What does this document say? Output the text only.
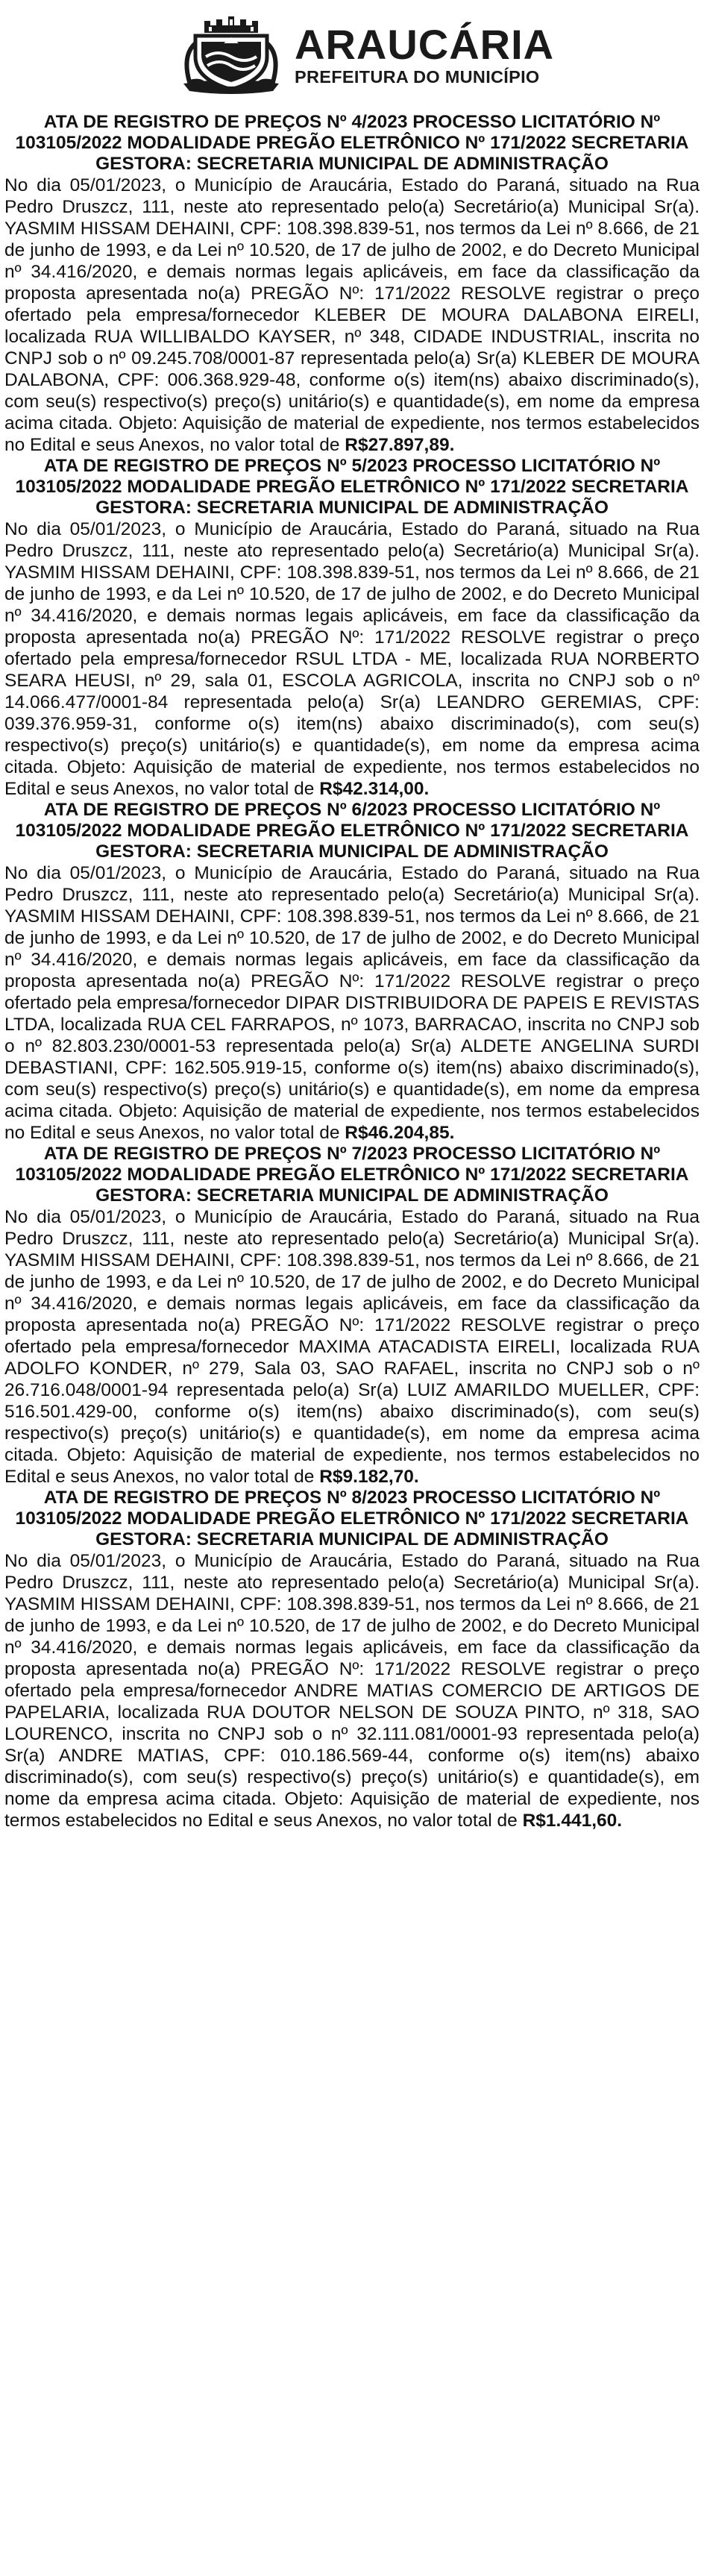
ARAUCÁRIA
PREFEITURA DO MUNICÍPIO
ATA DE REGISTRO DE PREÇOS Nº 4/2023 PROCESSO LICITATÓRIO Nº 103105/2022 MODALIDADE PREGÃO ELETRÔNICO Nº 171/2022 SECRETARIA GESTORA: SECRETARIA MUNICIPAL DE ADMINISTRAÇÃO

No dia 05/01/2023, o Município de Araucária, Estado do Paraná, situado na Rua Pedro Druszcz, 111, neste ato representado pelo(a) Secretário(a) Municipal Sr(a). YASMIM HISSAM DEHAINI, CPF: 108.398.839-51, nos termos da Lei nº 8.666, de 21 de junho de 1993, e da Lei nº 10.520, de 17 de julho de 2002, e do Decreto Municipal nº 34.416/2020, e demais normas legais aplicáveis, em face da classificação da proposta apresentada no(a) PREGÃO Nº: 171/2022 RESOLVE registrar o preço ofertado pela empresa/fornecedor KLEBER DE MOURA DALABONA EIRELI, localizada RUA WILLIBALDO KAYSER, nº 348, CIDADE INDUSTRIAL, inscrita no CNPJ sob o nº 09.245.708/0001-87 representada pelo(a) Sr(a) KLEBER DE MOURA DALABONA, CPF: 006.368.929-48, conforme o(s) item(ns) abaixo discriminado(s), com seu(s) respectivo(s) preço(s) unitário(s) e quantidade(s), em nome da empresa acima citada. Objeto: Aquisição de material de expediente, nos termos estabelecidos no Edital e seus Anexos, no valor total de R$27.897,89.

ATA DE REGISTRO DE PREÇOS Nº 5/2023 PROCESSO LICITATÓRIO Nº 103105/2022 MODALIDADE PREGÃO ELETRÔNICO Nº 171/2022 SECRETARIA GESTORA: SECRETARIA MUNICIPAL DE ADMINISTRAÇÃO

No dia 05/01/2023, o Município de Araucária, Estado do Paraná, situado na Rua Pedro Druszcz, 111, neste ato representado pelo(a) Secretário(a) Municipal Sr(a). YASMIM HISSAM DEHAINI, CPF: 108.398.839-51, nos termos da Lei nº 8.666, de 21 de junho de 1993, e da Lei nº 10.520, de 17 de julho de 2002, e do Decreto Municipal nº 34.416/2020, e demais normas legais aplicáveis, em face da classificação da proposta apresentada no(a) PREGÃO Nº: 171/2022 RESOLVE registrar o preço ofertado pela empresa/fornecedor RSUL LTDA - ME, localizada RUA NORBERTO SEARA HEUSI, nº 29, sala 01, ESCOLA AGRICOLA, inscrita no CNPJ sob o nº 14.066.477/0001-84 representada pelo(a) Sr(a) LEANDRO GEREMIAS, CPF: 039.376.959-31, conforme o(s) item(ns) abaixo discriminado(s), com seu(s) respectivo(s) preço(s) unitário(s) e quantidade(s), em nome da empresa acima citada. Objeto: Aquisição de material de expediente, nos termos estabelecidos no Edital e seus Anexos, no valor total de R$42.314,00.

ATA DE REGISTRO DE PREÇOS Nº 6/2023 PROCESSO LICITATÓRIO Nº 103105/2022 MODALIDADE PREGÃO ELETRÔNICO Nº 171/2022 SECRETARIA GESTORA: SECRETARIA MUNICIPAL DE ADMINISTRAÇÃO

No dia 05/01/2023, o Município de Araucária, Estado do Paraná, situado na Rua Pedro Druszcz, 111, neste ato representado pelo(a) Secretário(a) Municipal Sr(a). YASMIM HISSAM DEHAINI, CPF: 108.398.839-51, nos termos da Lei nº 8.666, de 21 de junho de 1993, e da Lei nº 10.520, de 17 de julho de 2002, e do Decreto Municipal nº 34.416/2020, e demais normas legais aplicáveis, em face da classificação da proposta apresentada no(a) PREGÃO Nº: 171/2022 RESOLVE registrar o preço ofertado pela empresa/fornecedor DIPAR DISTRIBUIDORA DE PAPEIS E REVISTAS LTDA, localizada RUA CEL FARRAPOS, nº 1073, BARRACAO, inscrita no CNPJ sob o nº 82.803.230/0001-53 representada pelo(a) Sr(a) ALDETE ANGELINA SURDI DEBASTIANI, CPF: 162.505.919-15, conforme o(s) item(ns) abaixo discriminado(s), com seu(s) respectivo(s) preço(s) unitário(s) e quantidade(s), em nome da empresa acima citada. Objeto: Aquisição de material de expediente, nos termos estabelecidos no Edital e seus Anexos, no valor total de R$46.204,85.

ATA DE REGISTRO DE PREÇOS Nº 7/2023 PROCESSO LICITATÓRIO Nº 103105/2022 MODALIDADE PREGÃO ELETRÔNICO Nº 171/2022 SECRETARIA GESTORA: SECRETARIA MUNICIPAL DE ADMINISTRAÇÃO

No dia 05/01/2023, o Município de Araucária, Estado do Paraná, situado na Rua Pedro Druszcz, 111, neste ato representado pelo(a) Secretário(a) Municipal Sr(a). YASMIM HISSAM DEHAINI, CPF: 108.398.839-51, nos termos da Lei nº 8.666, de 21 de junho de 1993, e da Lei nº 10.520, de 17 de julho de 2002, e do Decreto Municipal nº 34.416/2020, e demais normas legais aplicáveis, em face da classificação da proposta apresentada no(a) PREGÃO Nº: 171/2022 RESOLVE registrar o preço ofertado pela empresa/fornecedor MAXIMA ATACADISTA EIRELI, localizada RUA ADOLFO KONDER, nº 279, Sala 03, SAO RAFAEL, inscrita no CNPJ sob o nº 26.716.048/0001-94 representada pelo(a) Sr(a) LUIZ AMARILDO MUELLER, CPF: 516.501.429-00, conforme o(s) item(ns) abaixo discriminado(s), com seu(s) respectivo(s) preço(s) unitário(s) e quantidade(s), em nome da empresa acima citada. Objeto: Aquisição de material de expediente, nos termos estabelecidos no Edital e seus Anexos, no valor total de R$9.182,70.

ATA DE REGISTRO DE PREÇOS Nº 8/2023 PROCESSO LICITATÓRIO Nº 103105/2022 MODALIDADE PREGÃO ELETRÔNICO Nº 171/2022 SECRETARIA GESTORA: SECRETARIA MUNICIPAL DE ADMINISTRAÇÃO

No dia 05/01/2023, o Município de Araucária, Estado do Paraná, situado na Rua Pedro Druszcz, 111, neste ato representado pelo(a) Secretário(a) Municipal Sr(a). YASMIM HISSAM DEHAINI, CPF: 108.398.839-51, nos termos da Lei nº 8.666, de 21 de junho de 1993, e da Lei nº 10.520, de 17 de julho de 2002, e do Decreto Municipal nº 34.416/2020, e demais normas legais aplicáveis, em face da classificação da proposta apresentada no(a) PREGÃO Nº: 171/2022 RESOLVE registrar o preço ofertado pela empresa/fornecedor ANDRE MATIAS COMERCIO DE ARTIGOS DE PAPELARIA, localizada RUA DOUTOR NELSON DE SOUZA PINTO, nº 318, SAO LOURENCO, inscrita no CNPJ sob o nº 32.111.081/0001-93 representada pelo(a) Sr(a) ANDRE MATIAS, CPF: 010.186.569-44, conforme o(s) item(ns) abaixo discriminado(s), com seu(s) respectivo(s) preço(s) unitário(s) e quantidade(s), em nome da empresa acima citada. Objeto: Aquisição de material de expediente, nos termos estabelecidos no Edital e seus Anexos, no valor total de R$1.441,60.
